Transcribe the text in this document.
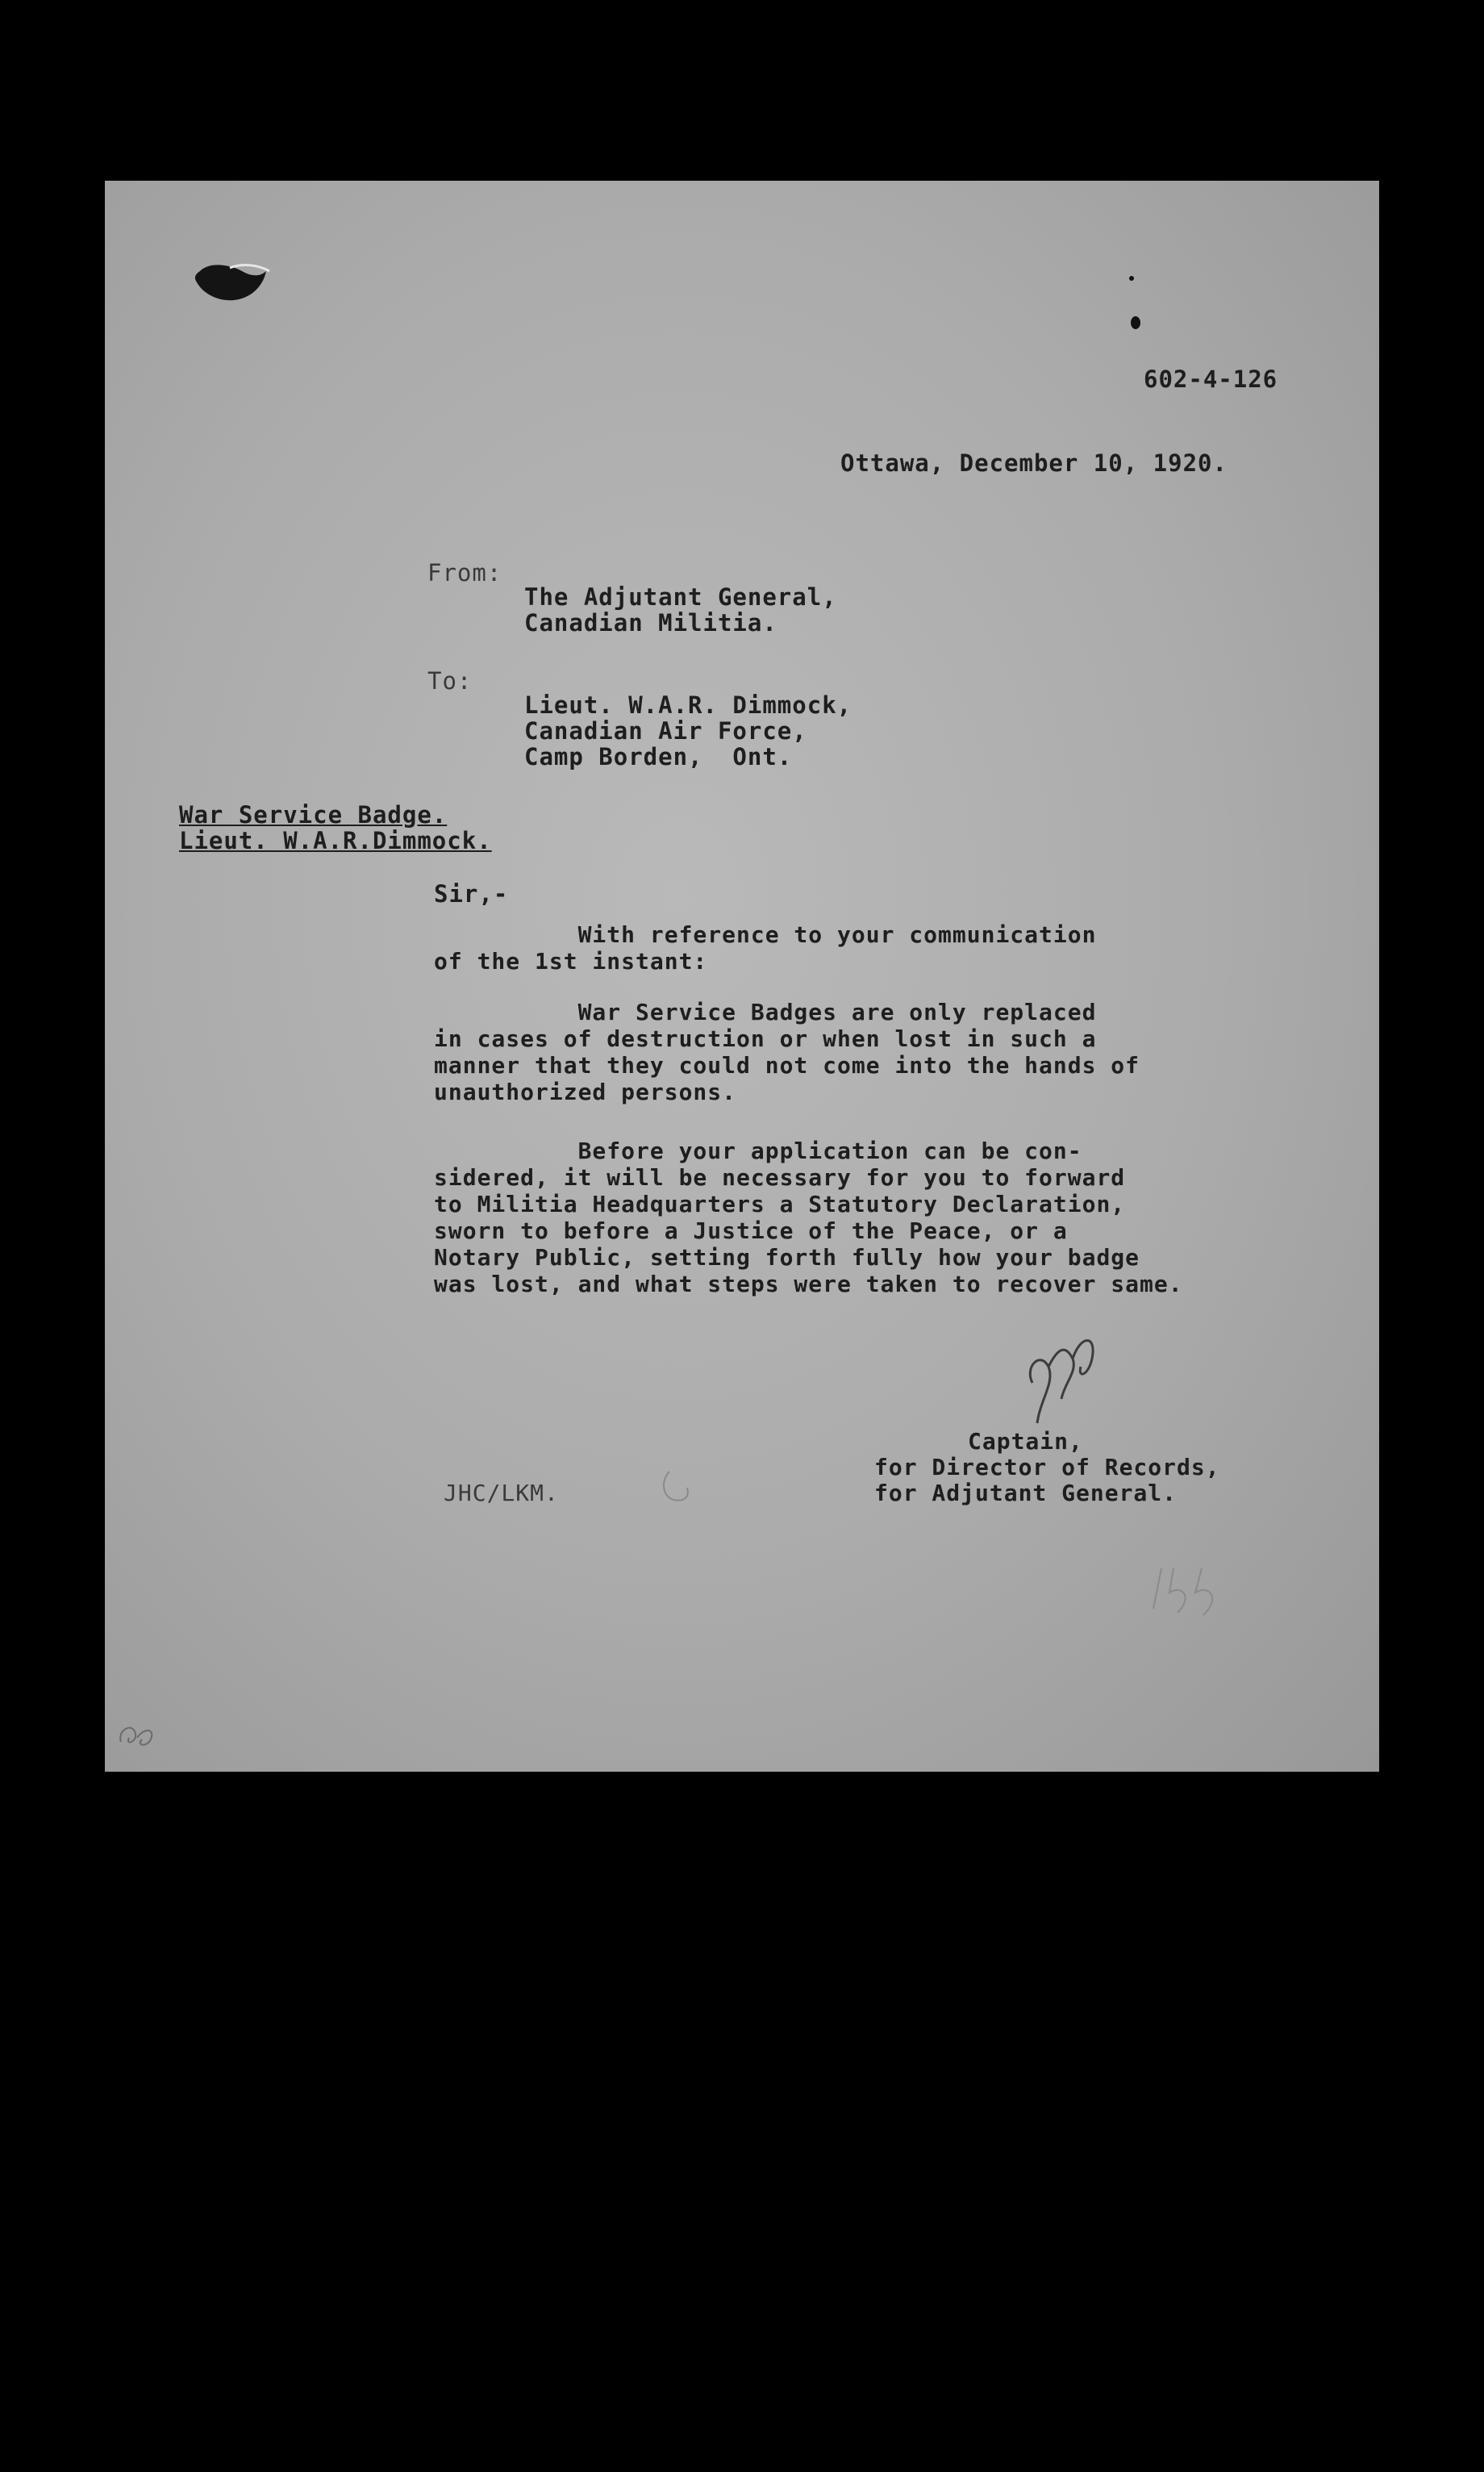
602-4-126
Ottawa, December 10, 1920.
From:
The Adjutant General,
Canadian Militia.
To:
Lieut. W.A.R. Dimmock,
Canadian Air Force,
Camp Borden,  Ont.
War Service Badge.
Lieut. W.A.R.Dimmock.
Sir,-
With reference to your communication
of the 1st instant:
War Service Badges are only replaced
in cases of destruction or when lost in such a
manner that they could not come into the hands of
unauthorized persons.
Before your application can be con-
sidered, it will be necessary for you to forward
to Militia Headquarters a Statutory Declaration,
sworn to before a Justice of the Peace, or a
Notary Public, setting forth fully how your badge
was lost, and what steps were taken to recover same.
Captain,
for Director of Records,
for Adjutant General.
JHC/LKM.
